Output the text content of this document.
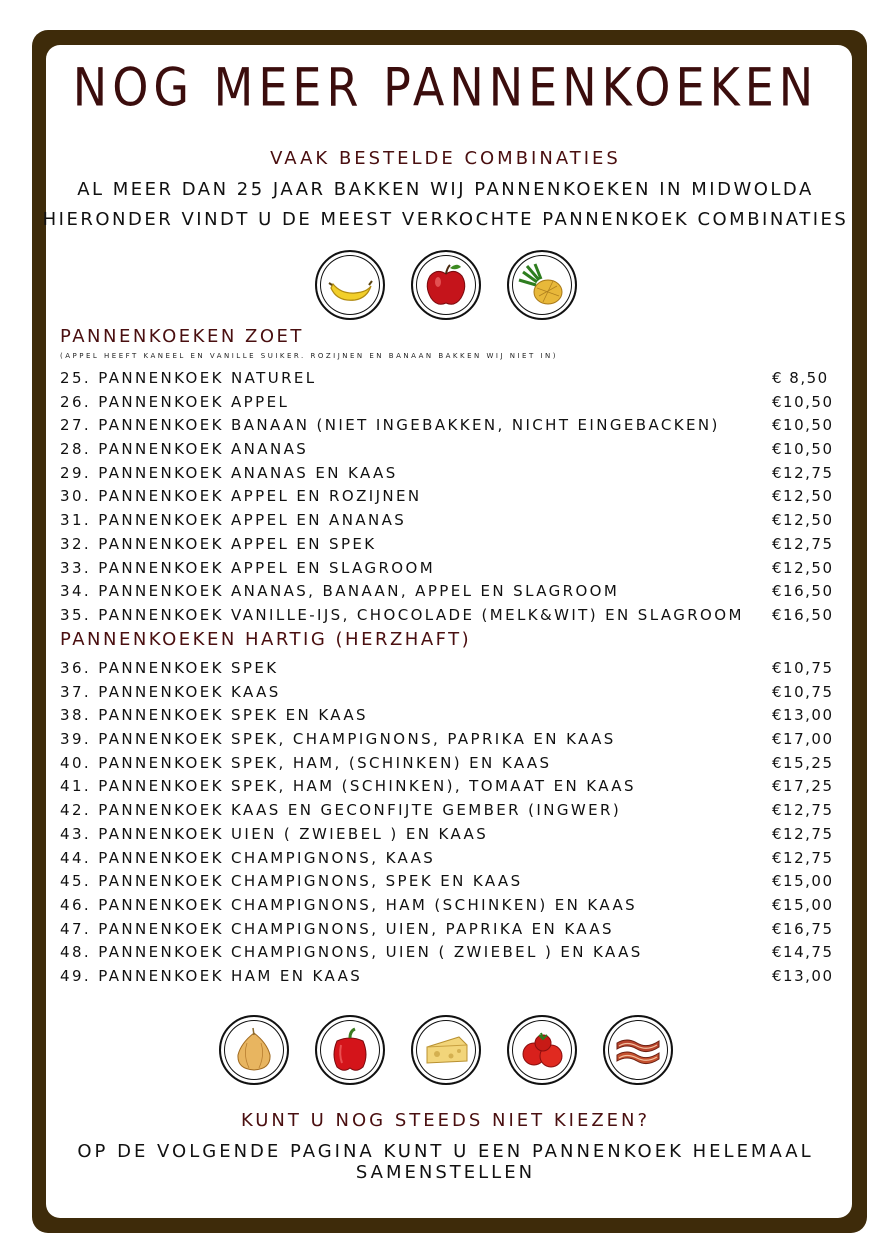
NOG MEER PANNENKOEKEN
VAAK BESTELDE COMBINATIES
AL MEER DAN 25 JAAR BAKKEN WIJ PANNENKOEKEN IN MIDWOLDA
HIERONDER VINDT U DE MEEST VERKOCHTE PANNENKOEK COMBINATIES
PANNENKOEKEN ZOET
(APPEL HEEFT KANEEL EN VANILLE SUIKER. ROZIJNEN EN BANAAN BAKKEN WIJ NIET IN)
25. PANNENKOEK NATUREL	€ 8,50
26. PANNENKOEK APPEL	€10,50
27. PANNENKOEK BANAAN (NIET INGEBAKKEN, NICHT EINGEBACKEN)	€10,50
28. PANNENKOEK ANANAS	€10,50
29. PANNENKOEK ANANAS EN KAAS	€12,75
30. PANNENKOEK APPEL EN ROZIJNEN	€12,50
31. PANNENKOEK APPEL EN ANANAS	€12,50
32. PANNENKOEK APPEL EN SPEK	€12,75
33. PANNENKOEK APPEL EN SLAGROOM	€12,50
34. PANNENKOEK ANANAS, BANAAN, APPEL EN SLAGROOM	€16,50
35. PANNENKOEK VANILLE-IJS, CHOCOLADE (MELK&WIT) EN SLAGROOM €16,50
PANNENKOEKEN HARTIG (HERZHAFT)
36. PANNENKOEK SPEK	€10,75
37. PANNENKOEK KAAS	€10,75
38. PANNENKOEK SPEK EN KAAS	€13,00
39. PANNENKOEK SPEK, CHAMPIGNONS, PAPRIKA EN KAAS	€17,00
40. PANNENKOEK SPEK, HAM, (SCHINKEN) EN KAAS	€15,25
41. PANNENKOEK SPEK, HAM (SCHINKEN), TOMAAT EN KAAS	€17,25
42. PANNENKOEK KAAS EN GECONFIJTE GEMBER (INGWER)	€12,75
43. PANNENKOEK UIEN ( ZWIEBEL ) EN KAAS	€12,75
44. PANNENKOEK CHAMPIGNONS, KAAS	€12,75
45. PANNENKOEK CHAMPIGNONS, SPEK EN KAAS	€15,00
46. PANNENKOEK CHAMPIGNONS, HAM (SCHINKEN) EN KAAS	€15,00
47. PANNENKOEK CHAMPIGNONS, UIEN, PAPRIKA EN KAAS	€16,75
48. PANNENKOEK CHAMPIGNONS, UIEN ( ZWIEBEL ) EN KAAS	€14,75
49. PANNENKOEK HAM EN KAAS	€13,00
KUNT U NOG STEEDS NIET KIEZEN?
OP DE VOLGENDE PAGINA KUNT U EEN PANNENKOEK HELEMAAL SAMENSTELLEN
